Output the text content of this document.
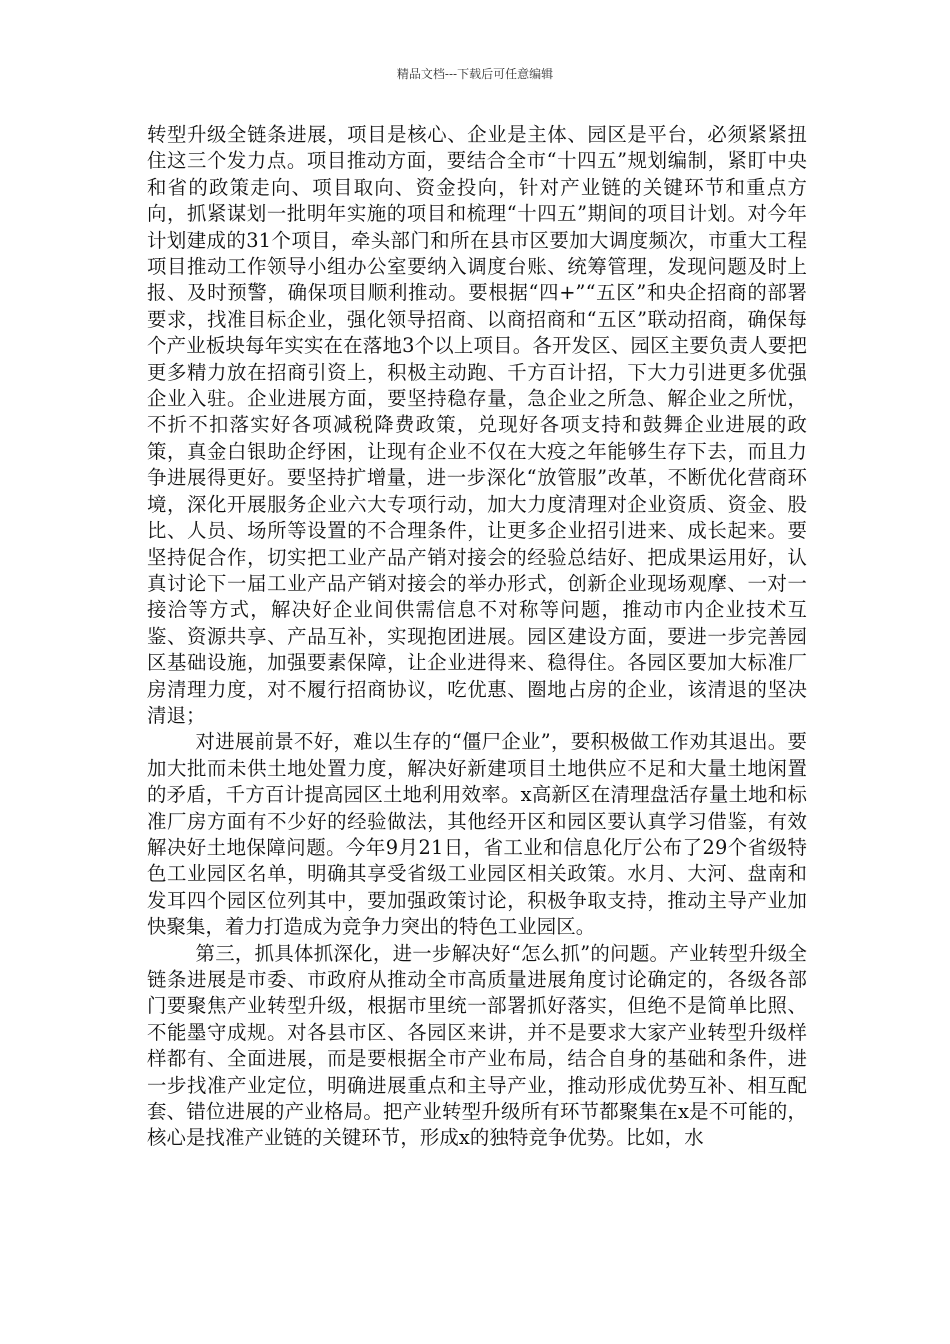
精品文档---下载后可任意编辑

转型升级全链条进展，项目是核心、企业是主体、园区是平台，必须紧紧扭住这三个发力点。项目推动方面，要结合全市“十四五”规划编制，紧盯中央和省的政策走向、项目取向、资金投向，针对产业链的关键环节和重点方向，抓紧谋划一批明年实施的项目和梳理“十四五”期间的项目计划。对今年计划建成的31个项目，牵头部门和所在县市区要加大调度频次，市重大工程项目推动工作领导小组办公室要纳入调度台账、统筹管理，发现问题及时上报、及时预警，确保项目顺利推动。要根据“四+”“五区”和央企招商的部署要求，找准目标企业，强化领导招商、以商招商和“五区”联动招商，确保每个产业板块每年实实在在落地3个以上项目。各开发区、园区主要负责人要把更多精力放在招商引资上，积极主动跑、千方百计招，下大力引进更多优强企业入驻。企业进展方面，要坚持稳存量，急企业之所急、解企业之所忧，不折不扣落实好各项减税降费政策，兑现好各项支持和鼓舞企业进展的政策，真金白银助企纾困，让现有企业不仅在大疫之年能够生存下去，而且力争进展得更好。要坚持扩增量，进一步深化“放管服”改革，不断优化营商环境，深化开展服务企业六大专项行动，加大力度清理对企业资质、资金、股比、人员、场所等设置的不合理条件，让更多企业招引进来、成长起来。要坚持促合作，切实把工业产品产销对接会的经验总结好、把成果运用好，认真讨论下一届工业产品产销对接会的举办形式，创新企业现场观摩、一对一接洽等方式，解决好企业间供需信息不对称等问题，推动市内企业技术互鉴、资源共享、产品互补，实现抱团进展。园区建设方面，要进一步完善园区基础设施，加强要素保障，让企业进得来、稳得住。各园区要加大标准厂房清理力度，对不履行招商协议，吃优惠、圈地占房的企业，该清退的坚决清退；

对进展前景不好，难以生存的“僵尸企业”，要积极做工作劝其退出。要加大批而未供土地处置力度，解决好新建项目土地供应不足和大量土地闲置的矛盾，千方百计提高园区土地利用效率。x高新区在清理盘活存量土地和标准厂房方面有不少好的经验做法，其他经开区和园区要认真学习借鉴，有效解决好土地保障问题。今年9月21日，省工业和信息化厅公布了29个省级特色工业园区名单，明确其享受省级工业园区相关政策。水月、大河、盘南和发耳四个园区位列其中，要加强政策讨论，积极争取支持，推动主导产业加快聚集，着力打造成为竞争力突出的特色工业园区。

第三，抓具体抓深化，进一步解决好“怎么抓”的问题。产业转型升级全链条进展是市委、市政府从推动全市高质量进展角度讨论确定的，各级各部门要聚焦产业转型升级，根据市里统一部署抓好落实，但绝不是简单比照、不能墨守成规。对各县市区、各园区来讲，并不是要求大家产业转型升级样样都有、全面进展，而是要根据全市产业布局，结合自身的基础和条件，进一步找准产业定位，明确进展重点和主导产业，推动形成优势互补、相互配套、错位进展的产业格局。把产业转型升级所有环节都聚集在x是不可能的，核心是找准产业链的关键环节，形成x的独特竞争优势。比如，水
